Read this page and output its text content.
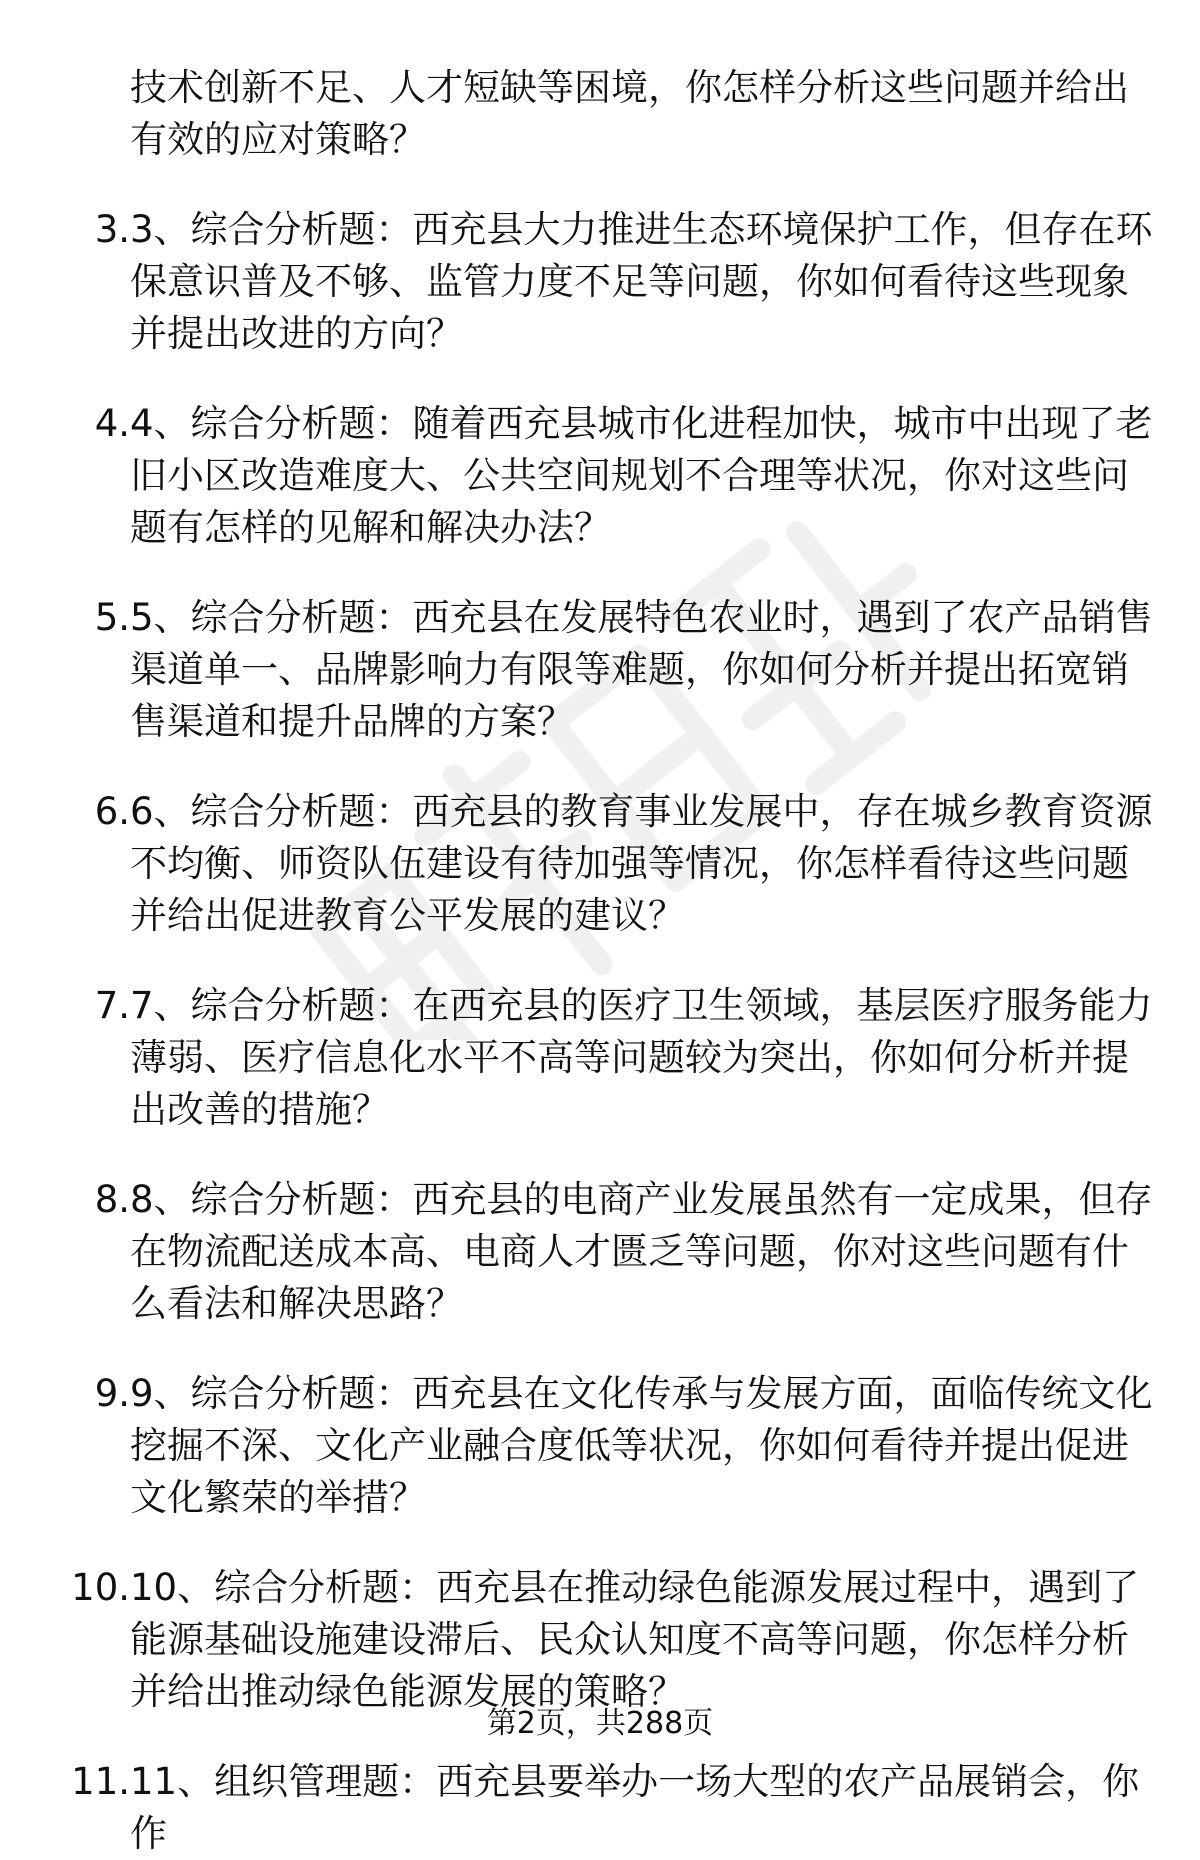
技术创新不足、人才短缺等困境，你怎样分析这些问题并给出有效的应对策略？
3. 3、综合分析题：西充县大力推进生态环境保护工作，但存在环保意识普及不够、监管力度不足等问题，你如何看待这些现象并提出改进的方向？
4. 4、综合分析题：随着西充县城市化进程加快，城市中出现了老旧小区改造难度大、公共空间规划不合理等状况，你对这些问题有怎样的见解和解决办法？
5. 5、综合分析题：西充县在发展特色农业时，遇到了农产品销售渠道单一、品牌影响力有限等难题，你如何分析并提出拓宽销售渠道和提升品牌的方案？
6. 6、综合分析题：西充县的教育事业发展中，存在城乡教育资源不均衡、师资队伍建设有待加强等情况，你怎样看待这些问题并给出促进教育公平发展的建议？
7. 7、综合分析题：在西充县的医疗卫生领域，基层医疗服务能力薄弱、医疗信息化水平不高等问题较为突出，你如何分析并提出改善的措施？
8. 8、综合分析题：西充县的电商产业发展虽然有一定成果，但存在物流配送成本高、电商人才匮乏等问题，你对这些问题有什么看法和解决思路？
9. 9、综合分析题：西充县在文化传承与发展方面，面临传统文化挖掘不深、文化产业融合度低等状况，你如何看待并提出促进文化繁荣的举措？
10. 10、综合分析题：西充县在推动绿色能源发展过程中，遇到了能源基础设施建设滞后、民众认知度不高等问题，你怎样分析并给出推动绿色能源发展的策略？
11. 11、组织管理题：西充县要举办一场大型的农产品展销会，你作
第2页，共288页
